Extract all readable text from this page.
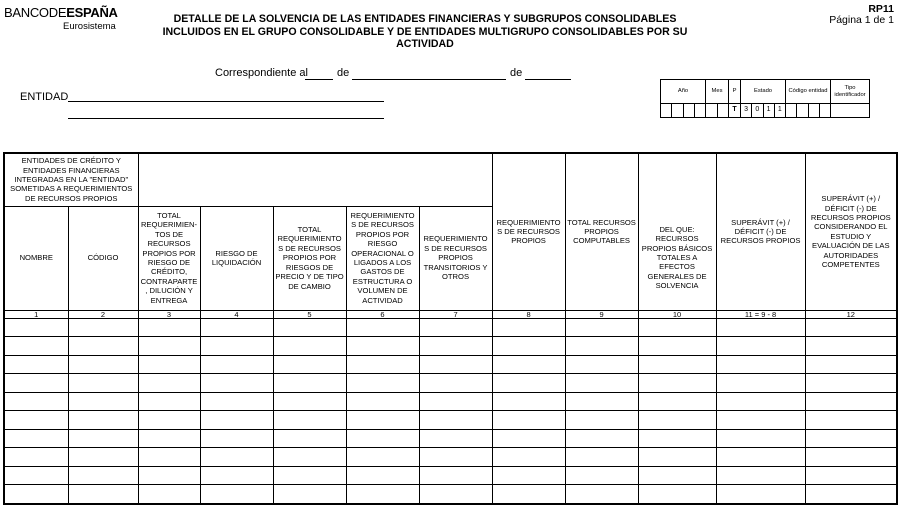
BANCODEESPAÑA
Eurosistema
DETALLE DE LA SOLVENCIA DE LAS ENTIDADES FINANCIERAS Y SUBGRUPOS CONSOLIDABLES INCLUIDOS EN EL GRUPO CONSOLIDABLE Y DE ENTIDADES MULTIGRUPO CONSOLIDABLES POR SU ACTIVIDAD
RP11
Página 1 de 1
Correspondiente al	de	de
ENTIDAD	Año				Mes		P	Estado				Código entidad				Tipo identificador
						T	3	0	1	1					
ENTIDADES DE CRÉDITO Y ENTIDADES FINANCIERAS INTEGRADAS EN LA "ENTIDAD" SOMETIDAS A REQUERIMIENTOS DE RECURSOS PROPIOS							REQUERIMIENTO S DE RECURSOS PROPIOS	TOTAL RECURSOS PROPIOS COMPUTABLES		SUPERÁVIT (+) / DÉFICIT (-) DE RECURSOS PROPIOS	SUPERÁVIT (+) / DÉFICIT (-) DE RECURSOS PROPIOS CONSIDERANDO EL ESTUDIO Y EVALUACIÓN DE LAS AUTORIDADES COMPETENTES
NOMBRE	CÓDIGO	TOTAL REQUERIMIEN-TOS DE RECURSOS PROPIOS POR RIESGO DE CRÉDITO, CONTRAPARTE , DILUCIÓN Y ENTREGA	RIESGO DE LIQUIDACIÓN	TOTAL REQUERIMIENTO S DE RECURSOS PROPIOS POR RIESGOS DE PRECIO Y DE TIPO DE CAMBIO	REQUERIMIENTO S DE RECURSOS PROPIOS POR RIESGO OPERACIONAL O LIGADOS A LOS GASTOS DE ESTRUCTURA O VOLUMEN DE ACTIVIDAD	REQUERIMIENTO S DE RECURSOS PROPIOS TRANSITORIOS Y OTROS			DEL QUE: RECURSOS PROPIOS BÁSICOS TOTALES A EFECTOS GENERALES DE SOLVENCIA		
1	2	3	4	5	6	7	8	9	10	11 = 9 - 8	12
